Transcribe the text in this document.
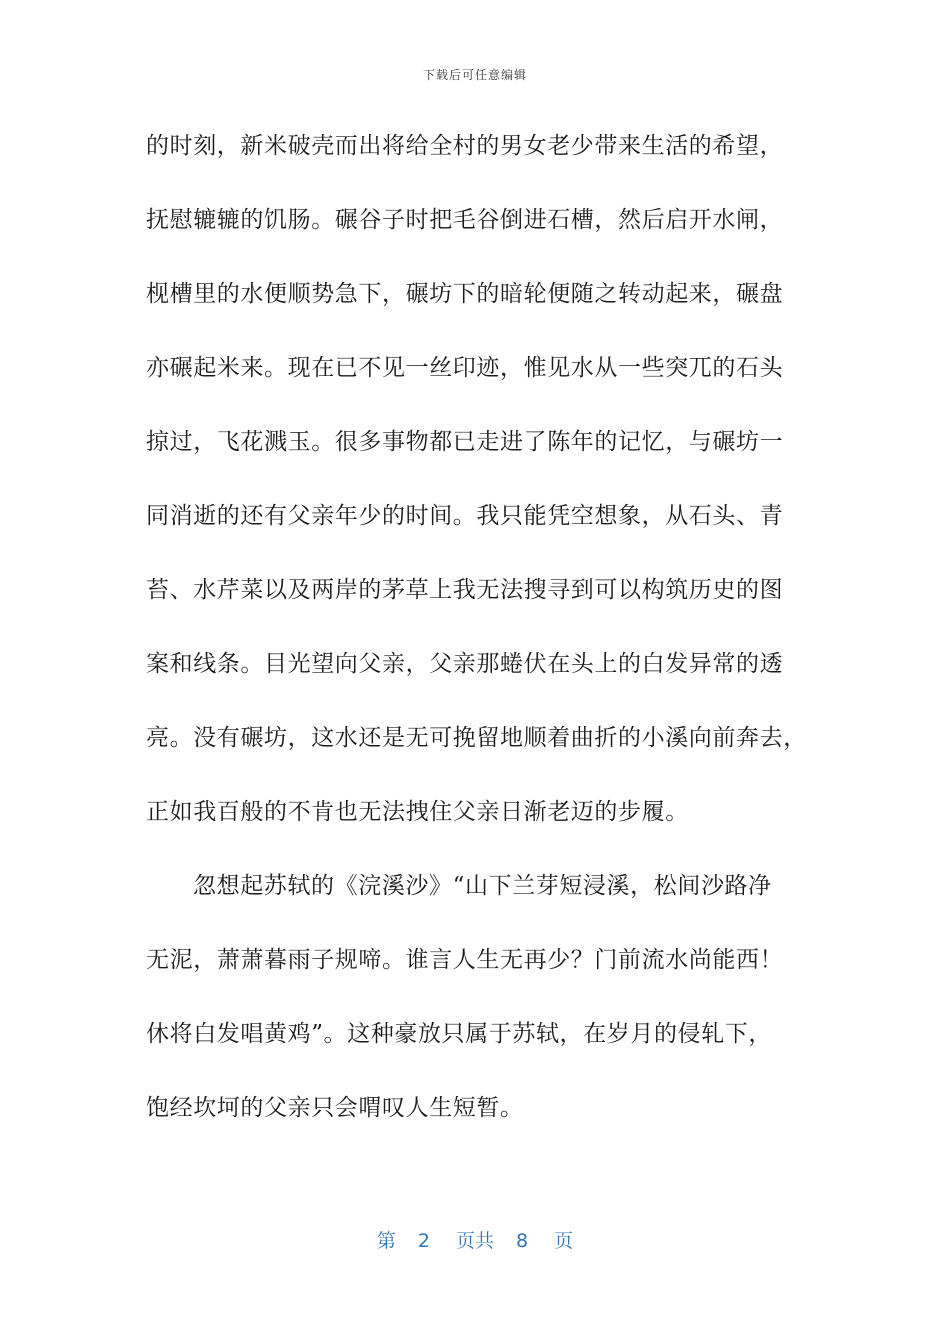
下载后可任意编辑
的时刻，新米破壳而出将给全村的男女老少带来生活的希望，
抚慰辘辘的饥肠。碾谷子时把毛谷倒进石槽，然后启开水闸，
枧槽里的水便顺势急下，碾坊下的暗轮便随之转动起来，碾盘
亦碾起米来。现在已不见一丝印迹，惟见水从一些突兀的石头
掠过，飞花溅玉。很多事物都已走进了陈年的记忆，与碾坊一
同消逝的还有父亲年少的时间。我只能凭空想象，从石头、青
苔、水芹菜以及两岸的茅草上我无法搜寻到可以构筑历史的图
案和线条。目光望向父亲，父亲那蜷伏在头上的白发异常的透
亮。没有碾坊，这水还是无可挽留地顺着曲折的小溪向前奔去，
正如我百般的不肯也无法拽住父亲日渐老迈的步履。
忽想起苏轼的《浣溪沙》“山下兰芽短浸溪，松间沙路净
无泥，萧萧暮雨子规啼。谁言人生无再少？门前流水尚能西！
休将白发唱黄鸡”。这种豪放只属于苏轼，在岁月的侵轧下，
饱经坎坷的父亲只会喟叹人生短暂。
第 2 页共 8 页
